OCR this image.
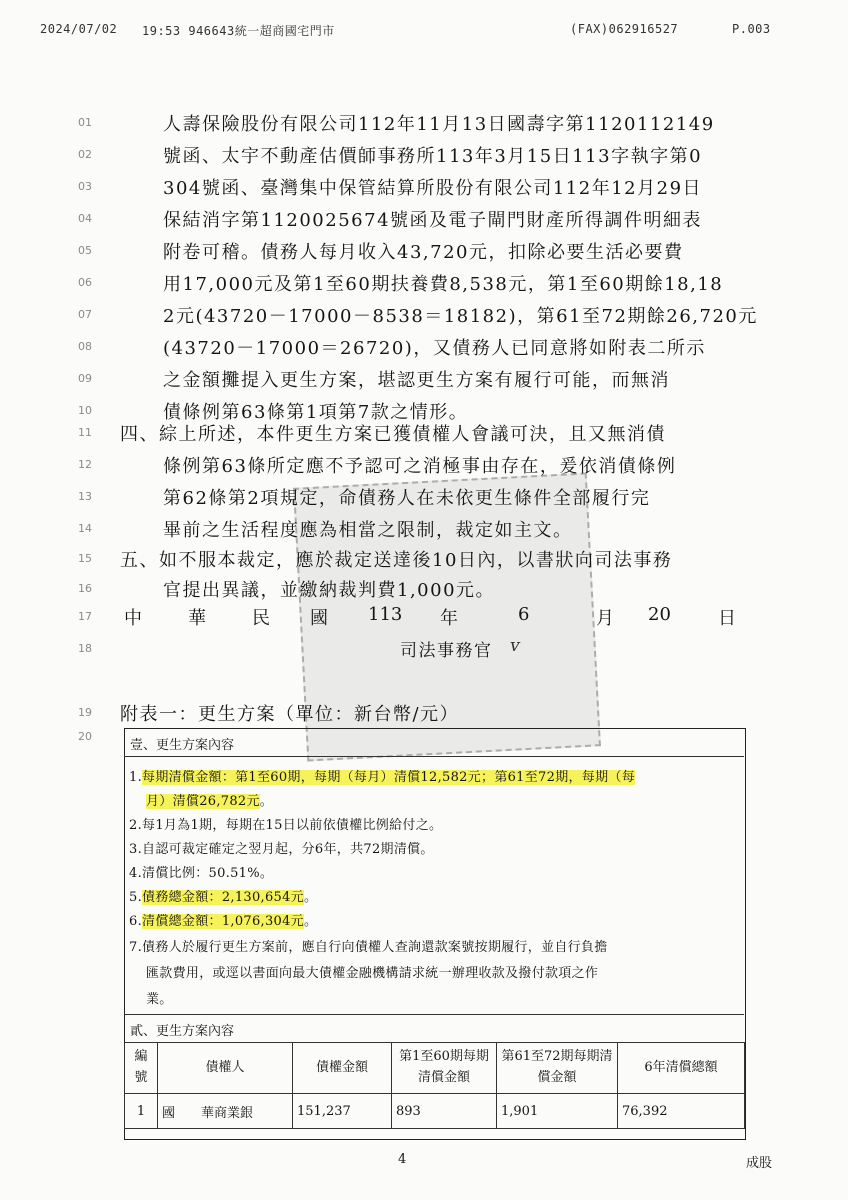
2024/07/02 19:53 946643統一超商國宅門市	(FAX)062916527	P.003
01	人壽保險股份有限公司112年11月13日國壽字第1120112149
02	號函、太宇不動產估價師事務所113年3月15日113字執字第0
03	304號函、臺灣集中保管結算所股份有限公司112年12月29日
04	保結消字第1120025674號函及電子閘門財產所得調件明細表
05	附卷可稽。債務人每月收入43,720元，扣除必要生活必要費
06	用17,000元及第1至60期扶養費8,538元，第1至60期餘18,18
07	2元(43720－17000－8538＝18182)，第61至72期餘26,720元
08	(43720－17000＝26720)，又債務人已同意將如附表二所示
09	之金額攤提入更生方案，堪認更生方案有履行可能，而無消
10	債條例第63條第1項第7款之情形。
11	四、綜上所述，本件更生方案已獲債權人會議可決，且又無消債
12	條例第63條所定應不予認可之消極事由存在，爰依消債條例
13	第62條第2項規定，命債務人在未依更生條件全部履行完
14	畢前之生活程度應為相當之限制，裁定如主文。
15	五、如不服本裁定，應於裁定送達後10日內，以書狀向司法事務
16	官提出異議，並繳納裁判費1,000元。
17
18
19	附表一：更生方案（單位：新台幣/元）
20
中	華	民 國 113 年	6	月 20	日
司法事務官 ᴠ
壹、更生方案內容
1.每期清償金額：第1至60期，每期（每月）清償12,582元；第61至72期，每期（每
月）清償26,782元。
2.每1月為1期，每期在15日以前依債權比例給付之。
3.自認可裁定確定之翌月起，分6年，共72期清償。
4.清償比例：50.51%。
5.債務總金額：2,130,654元。
6.清償總金額：1,076,304元。
7.債務人於履行更生方案前，應自行向債權人查詢還款案號按期履行，並自行負擔
匯款費用，或逕以書面向最大債權金融機構請求統一辦理收款及撥付款項之作
業。
貳、更生方案內容
編號	債權人	債權金額	第1至60期每期清償金額	第61至72期每期清償金額	6年清償總額
1	國　　華商業銀	151,237	893	1,901	76,392
4	成股
